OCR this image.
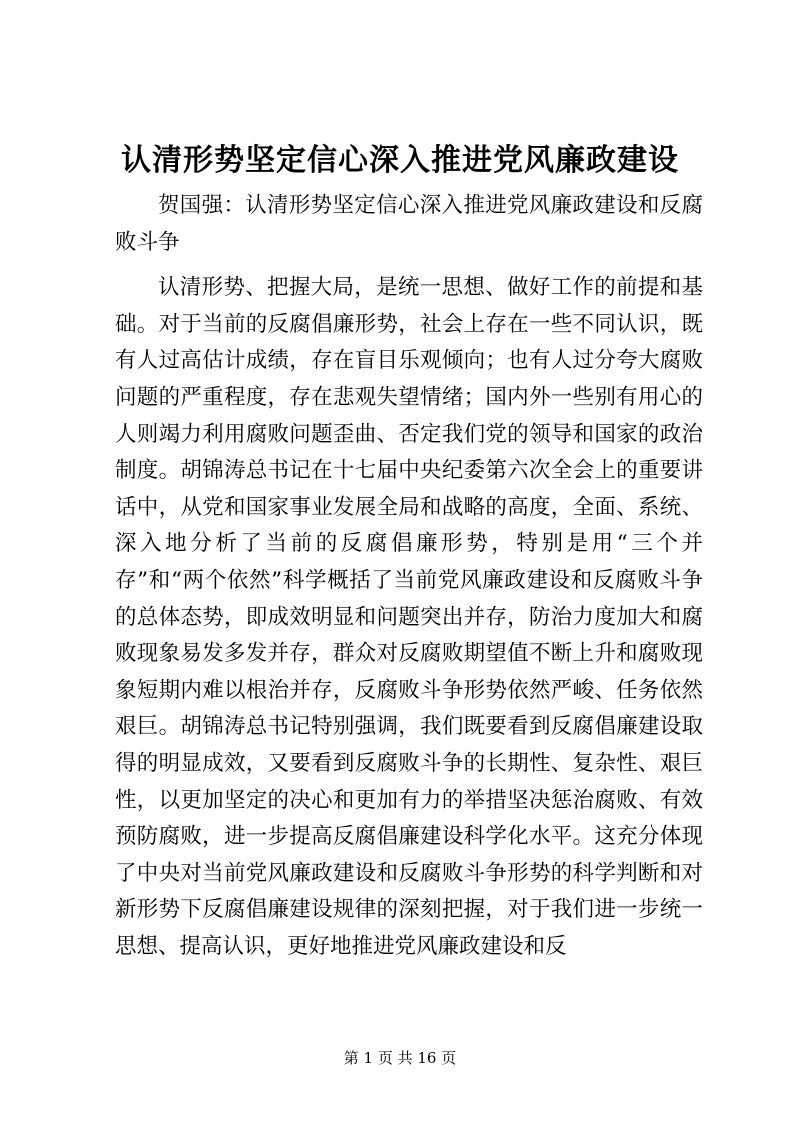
认清形势坚定信心深入推进党风廉政建设

贺国强：认清形势坚定信心深入推进党风廉政建设和反腐败斗争

认清形势、把握大局，是统一思想、做好工作的前提和基础。对于当前的反腐倡廉形势，社会上存在一些不同认识，既有人过高估计成绩，存在盲目乐观倾向；也有人过分夸大腐败问题的严重程度，存在悲观失望情绪；国内外一些别有用心的人则竭力利用腐败问题歪曲、否定我们党的领导和国家的政治制度。胡锦涛总书记在十七届中央纪委第六次全会上的重要讲话中，从党和国家事业发展全局和战略的高度，全面、系统、深入地分析了当前的反腐倡廉形势，特别是用“三个并存”和“两个依然”科学概括了当前党风廉政建设和反腐败斗争的总体态势，即成效明显和问题突出并存，防治力度加大和腐败现象易发多发并存，群众对反腐败期望值不断上升和腐败现象短期内难以根治并存，反腐败斗争形势依然严峻、任务依然艰巨。胡锦涛总书记特别强调，我们既要看到反腐倡廉建设取得的明显成效，又要看到反腐败斗争的长期性、复杂性、艰巨性，以更加坚定的决心和更加有力的举措坚决惩治腐败、有效预防腐败，进一步提高反腐倡廉建设科学化水平。这充分体现了中央对当前党风廉政建设和反腐败斗争形势的科学判断和对新形势下反腐倡廉建设规律的深刻把握，对于我们进一步统一思想、提高认识，更好地推进党风廉政建设和反

第 1 页 共 16 页
